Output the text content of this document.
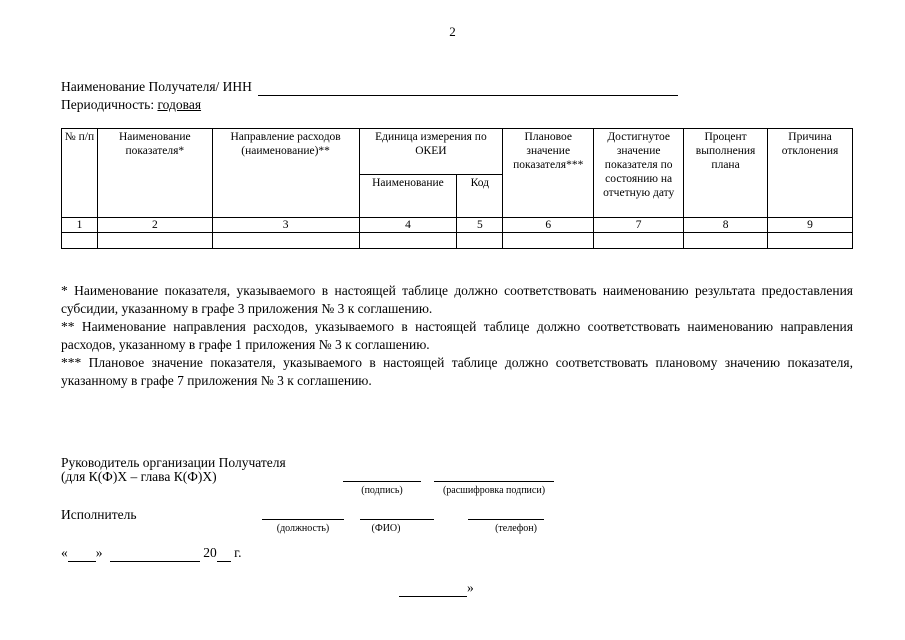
2
Наименование Получателя/ ИНН
Периодичность: годовая
№ п/п	Наименование показателя*	Направление расходов (наименование)**	Единица измерения по ОКЕИ		Плановое значение показателя***	Достигнутое значение показателя по состоянию на отчетную дату	Процент выполнения плана	Причина отклонения
			Наименование	Код				
1	2	3	4	5	6	7	8	9

* Наименование показателя, указываемого в настоящей таблице должно соответствовать наименованию результата предоставления субсидии, указанному в графе 3 приложения № 3 к соглашению.

** Наименование направления расходов, указываемого в настоящей таблице должно соответствовать наименованию направления расходов, указанному в графе 1 приложения № 3 к соглашению.

*** Плановое значение показателя, указываемого в настоящей таблице должно соответствовать плановому значению показателя, указанному в графе 7 приложения № 3 к соглашению.

Руководитель организации Получателя
(для К(Ф)Х – глава К(Ф)Х)
(подпись)	(расшифровка подписи)
Исполнитель
(должность)	(ФИО)	(телефон)
« »	20 г.
»
